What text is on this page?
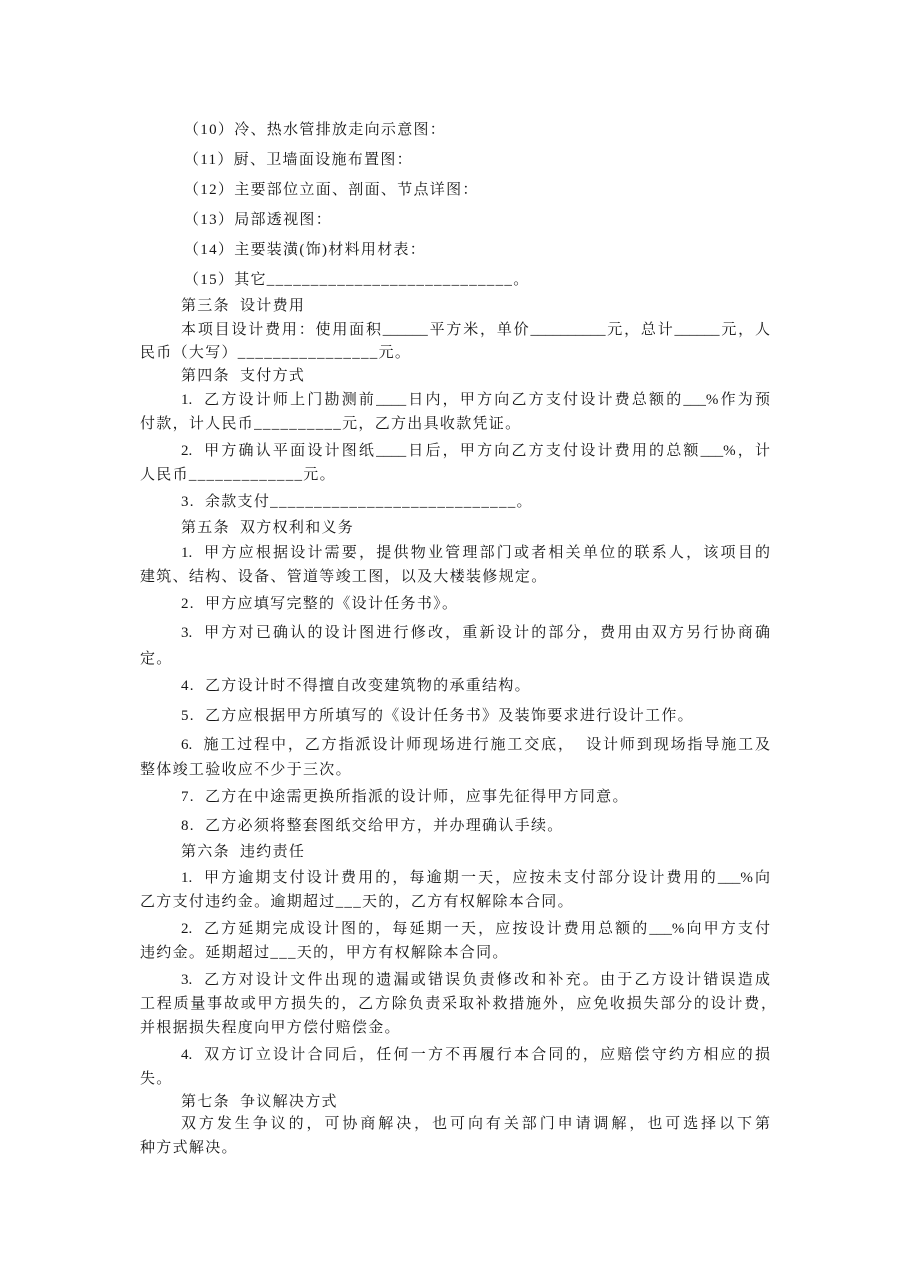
（10）冷、热水管排放走向示意图：
（11）厨、卫墙面设施布置图：
（12）主要部位立面、剖面、节点详图：
（13）局部透视图：
（14）主要装潢(饰)材料用材表：
（15）其它____________________________。
第三条  设计费用
本项目设计费用：使用面积______平方米，单价__________元，总计______元，人
民币（大写）________________元。
第四条  支付方式
1.  乙方设计师上门勘测前____日内，甲方向乙方支付设计费总额的___%作为预
付款，计人民币__________元，乙方出具收款凭证。
2.  甲方确认平面设计图纸____日后，甲方向乙方支付设计费用的总额___%，计
人民币_____________元。
3.  余款支付____________________________。
第五条  双方权利和义务
1.  甲方应根据设计需要，提供物业管理部门或者相关单位的联系人，该项目的
建筑、结构、设备、管道等竣工图，以及大楼装修规定。
2.  甲方应填写完整的《设计任务书》。
3.  甲方对已确认的设计图进行修改，重新设计的部分，费用由双方另行协商确
定。
4.  乙方设计时不得擅自改变建筑物的承重结构。
5.  乙方应根据甲方所填写的《设计任务书》及装饰要求进行设计工作。
6.  施工过程中，乙方指派设计师现场进行施工交底，  设计师到现场指导施工及
整体竣工验收应不少于三次。
7.  乙方在中途需更换所指派的设计师，应事先征得甲方同意。
8.  乙方必须将整套图纸交给甲方，并办理确认手续。
第六条  违约责任
1.  甲方逾期支付设计费用的，每逾期一天，应按未支付部分设计费用的___%向
乙方支付违约金。逾期超过___天的，乙方有权解除本合同。
2.  乙方延期完成设计图的，每延期一天，应按设计费用总额的___%向甲方支付
违约金。延期超过___天的，甲方有权解除本合同。
3.  乙方对设计文件出现的遗漏或错误负责修改和补充。由于乙方设计错误造成
工程质量事故或甲方损失的，乙方除负责采取补救措施外，应免收损失部分的设计费，
并根据损失程度向甲方偿付赔偿金。
4.  双方订立设计合同后，任何一方不再履行本合同的，应赔偿守约方相应的损
失。
第七条  争议解决方式
双方发生争议的，可协商解决，也可向有关部门申请调解，也可选择以下第
种方式解决。
